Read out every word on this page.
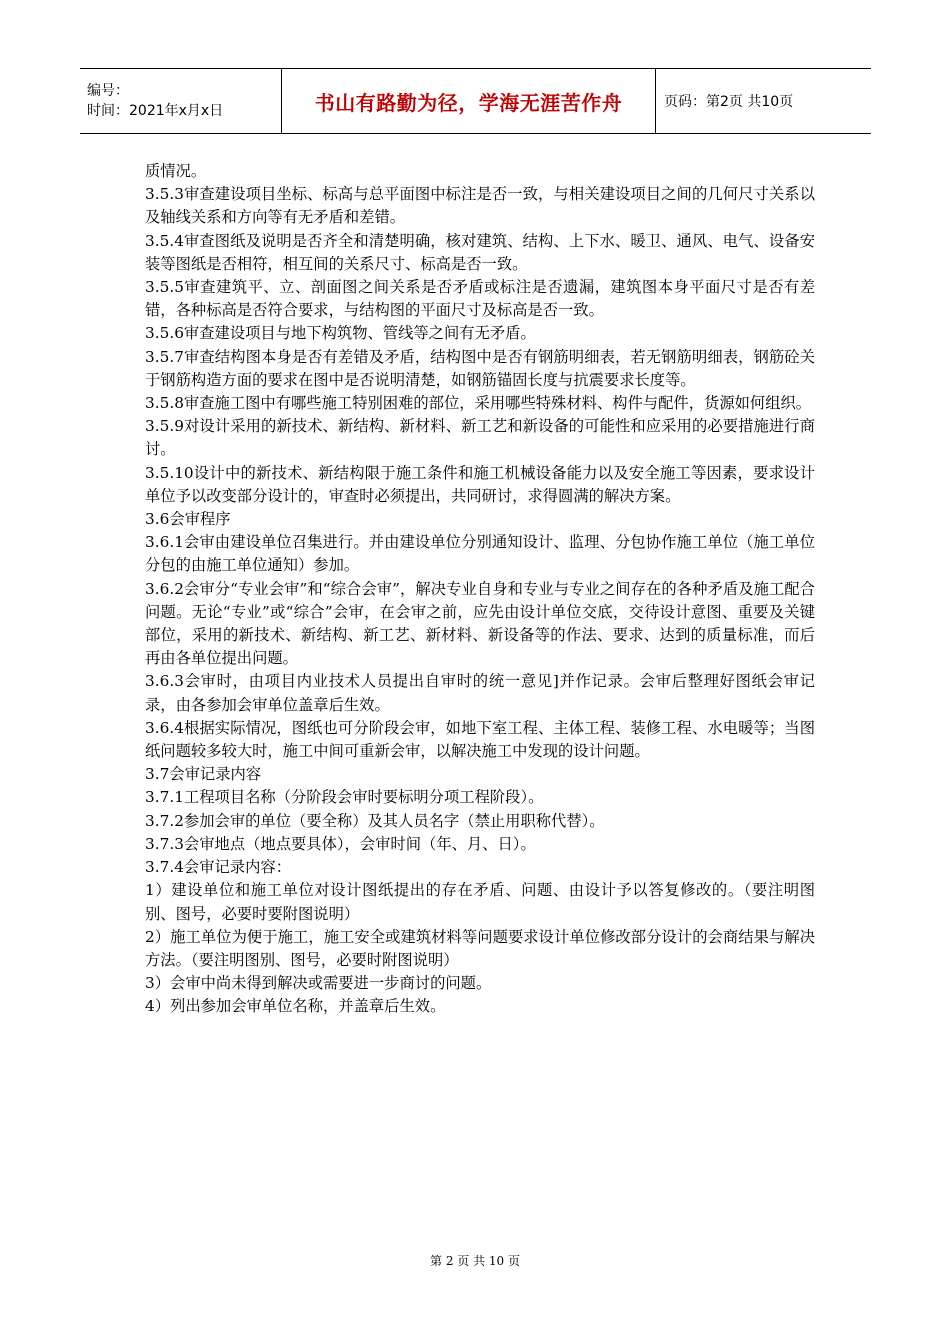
编号：
时间：2021年x月x日	书山有路勤为径，学海无涯苦作舟	页码：第2页 共10页

质情况。

3.5.3审查建设项目坐标、标高与总平面图中标注是否一致，与相关建设项目之间的几何尺寸关系以及轴线关系和方向等有无矛盾和差错。

3.5.4审查图纸及说明是否齐全和清楚明确，核对建筑、结构、上下水、暖卫、通风、电气、设备安装等图纸是否相符，相互间的关系尺寸、标高是否一致。

3.5.5审查建筑平、立、剖面图之间关系是否矛盾或标注是否遗漏，建筑图本身平面尺寸是否有差错，各种标高是否符合要求，与结构图的平面尺寸及标高是否一致。

3.5.6审查建设项目与地下构筑物、管线等之间有无矛盾。

3.5.7审查结构图本身是否有差错及矛盾，结构图中是否有钢筋明细表，若无钢筋明细表，钢筋砼关于钢筋构造方面的要求在图中是否说明清楚，如钢筋锚固长度与抗震要求长度等。

3.5.8审查施工图中有哪些施工特别困难的部位，采用哪些特殊材料、构件与配件，货源如何组织。

3.5.9对设计采用的新技术、新结构、新材料、新工艺和新设备的可能性和应采用的必要措施进行商讨。

3.5.10设计中的新技术、新结构限于施工条件和施工机械设备能力以及安全施工等因素，要求设计单位予以改变部分设计的，审查时必须提出，共同研讨，求得圆满的解决方案。

3.6会审程序

3.6.1会审由建设单位召集进行。并由建设单位分别通知设计、监理、分包协作施工单位（施工单位分包的由施工单位通知）参加。

3.6.2会审分“专业会审”和“综合会审”，解决专业自身和专业与专业之间存在的各种矛盾及施工配合问题。无论“专业”或“综合”会审，在会审之前，应先由设计单位交底，交待设计意图、重要及关键部位，采用的新技术、新结构、新工艺、新材料、新设备等的作法、要求、达到的质量标准，而后再由各单位提出问题。

3.6.3会审时，由项目内业技术人员提出自审时的统一意见]并作记录。会审后整理好图纸会审记录，由各参加会审单位盖章后生效。

3.6.4根据实际情况，图纸也可分阶段会审，如地下室工程、主体工程、装修工程、水电暖等；当图纸问题较多较大时，施工中间可重新会审，以解决施工中发现的设计问题。

3.7会审记录内容

3.7.1工程项目名称（分阶段会审时要标明分项工程阶段）。

3.7.2参加会审的单位（要全称）及其人员名字（禁止用职称代替）。

3.7.3会审地点（地点要具体），会审时间（年、月、日）。

3.7.4会审记录内容：

1）建设单位和施工单位对设计图纸提出的存在矛盾、问题、由设计予以答复修改的。（要注明图别、图号，必要时要附图说明）

2）施工单位为便于施工，施工安全或建筑材料等问题要求设计单位修改部分设计的会商结果与解决方法。（要注明图别、图号，必要时附图说明）

3）会审中尚未得到解决或需要进一步商讨的问题。

4）列出参加会审单位名称，并盖章后生效。

第 2 页 共 10 页
